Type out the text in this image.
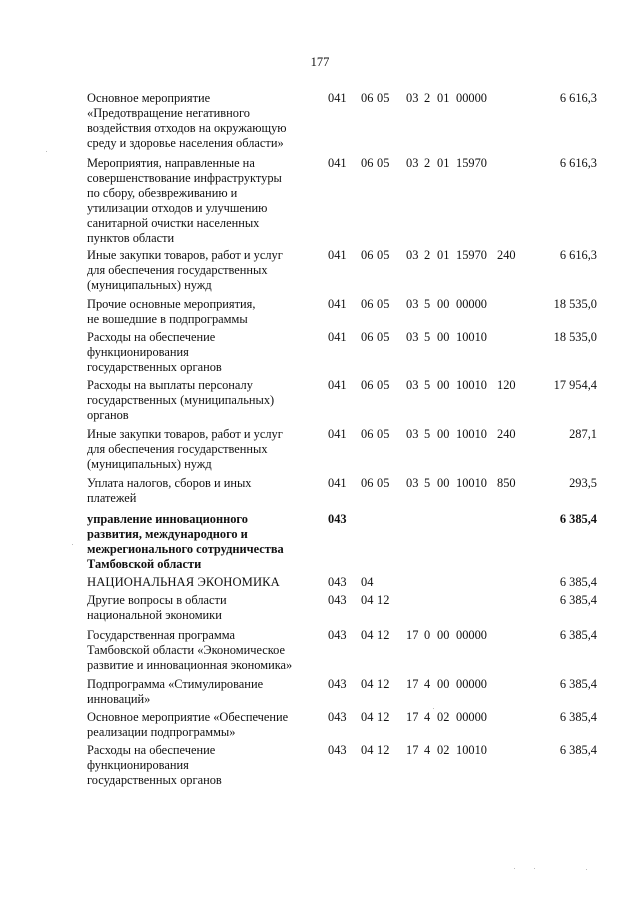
177
Основное мероприятие
«Предотвращение негативного
воздействия отходов на окружающую
среду и здоровье населения области»
041 06 05 03 2 01 00000	6 616,3
Мероприятия, направленные на
совершенствование инфраструктуры
по сбору, обезвреживанию и
утилизации отходов и улучшению
санитарной очистки населенных
пунктов области
041 06 05 03 2 01 15970	6 616,3
Иные закупки товаров, работ и услуг
для обеспечения государственных
(муниципальных) нужд
041 06 05 03 2 01 15970 240	6 616,3
Прочие основные мероприятия,
не вошедшие в подпрограммы
041 06 05 03 5 00 00000	18 535,0
Расходы на обеспечение
функционирования
государственных органов
041 06 05 03 5 00 10010	18 535,0
Расходы на выплаты персоналу
государственных (муниципальных)
органов
041 06 05 03 5 00 10010 120	17 954,4
Иные закупки товаров, работ и услуг
для обеспечения государственных
(муниципальных) нужд
041 06 05 03 5 00 10010 240	287,1
Уплата налогов, сборов и иных
платежей
041 06 05 03 5 00 10010 850	293,5
управление инновационного
развития, международного и
межрегионального сотрудничества
Тамбовской области
043	6 385,4
НАЦИОНАЛЬНАЯ ЭКОНОМИКА	043 04	6 385,4
Другие вопросы в области
национальной экономики
043 04 12	6 385,4
Государственная программа
Тамбовской области «Экономическое
развитие и инновационная экономика»
043 04 12 17 0 00 00000	6 385,4
Подпрограмма «Стимулирование
инноваций»
043 04 12 17 4 00 00000	6 385,4
Основное мероприятие «Обеспечение
реализации подпрограммы»
043 04 12 17 4 02 00000	6 385,4
Расходы на обеспечение
функционирования
государственных органов
043 04 12 17 4 02 10010	6 385,4
